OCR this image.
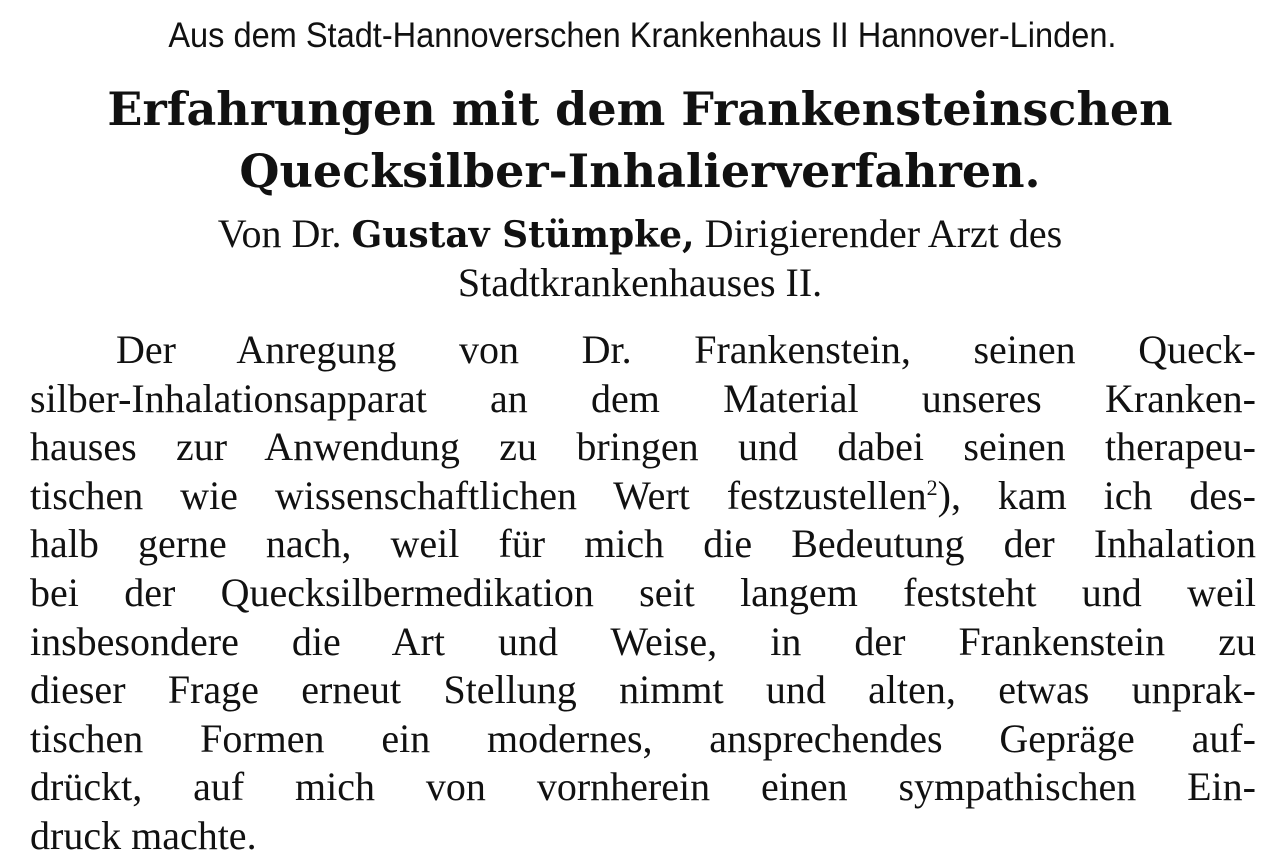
Aus dem Stadt-Hannoverschen Krankenhaus II Hannover-Linden.
Erfahrungen mit dem Frankensteinschen
Quecksilber-Inhalierverfahren.
Von Dr. Gustav Stümpke, Dirigierender Arzt des
Stadtkrankenhauses II.
Der Anregung von Dr. Frankenstein, seinen Queck-
silber-Inhalationsapparat an dem Material unseres Kranken-
hauses zur Anwendung zu bringen und dabei seinen therapeu-
tischen wie wissenschaftlichen Wert festzustellen$^2$), kam ich des-
halb gerne nach, weil für mich die Bedeutung der Inhalation
bei der Quecksilbermedikation seit langem feststeht und weil
insbesondere die Art und Weise, in der Frankenstein zu
dieser Frage erneut Stellung nimmt und alten, etwas unprak-
tischen Formen ein modernes, ansprechendes Gepräge auf-
drückt, auf mich von vornherein einen sympathischen Ein-
druck machte.
